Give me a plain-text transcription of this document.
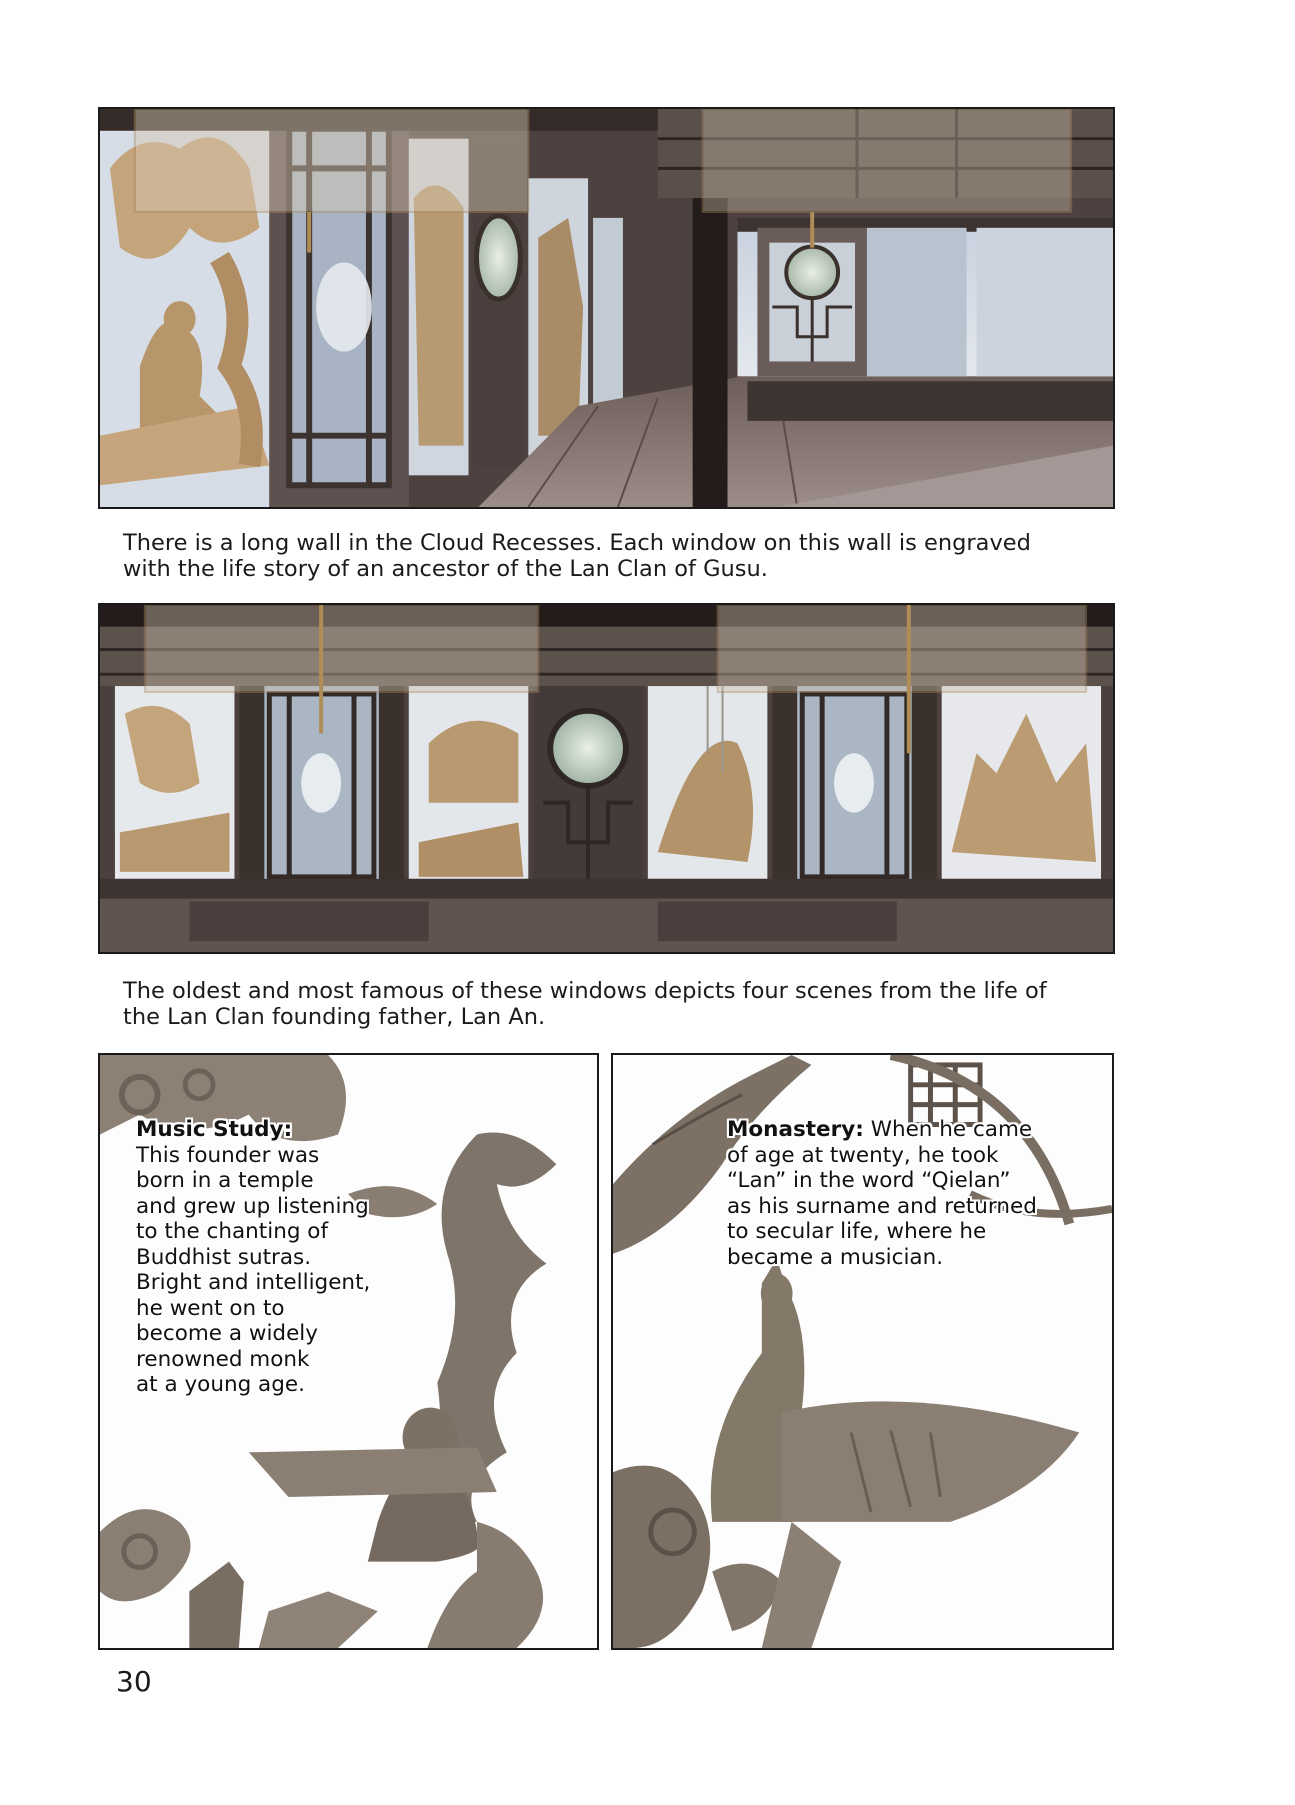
There is a long wall in the Cloud Recesses. Each window on this wall is engraved
with the life story of an ancestor of the Lan Clan of Gusu.

The oldest and most famous of these windows depicts four scenes from the life of
the Lan Clan founding father, Lan An.

Music Study:
This founder was
born in a temple
and grew up listening
to the chanting of
Buddhist sutras.
Bright and intelligent,
he went on to
become a widely
renowned monk
at a young age.
Monastery: When he came
of age at twenty, he took
“Lan” in the word “Qielan”
as his surname and returned
to secular life, where he
became a musician.
30
